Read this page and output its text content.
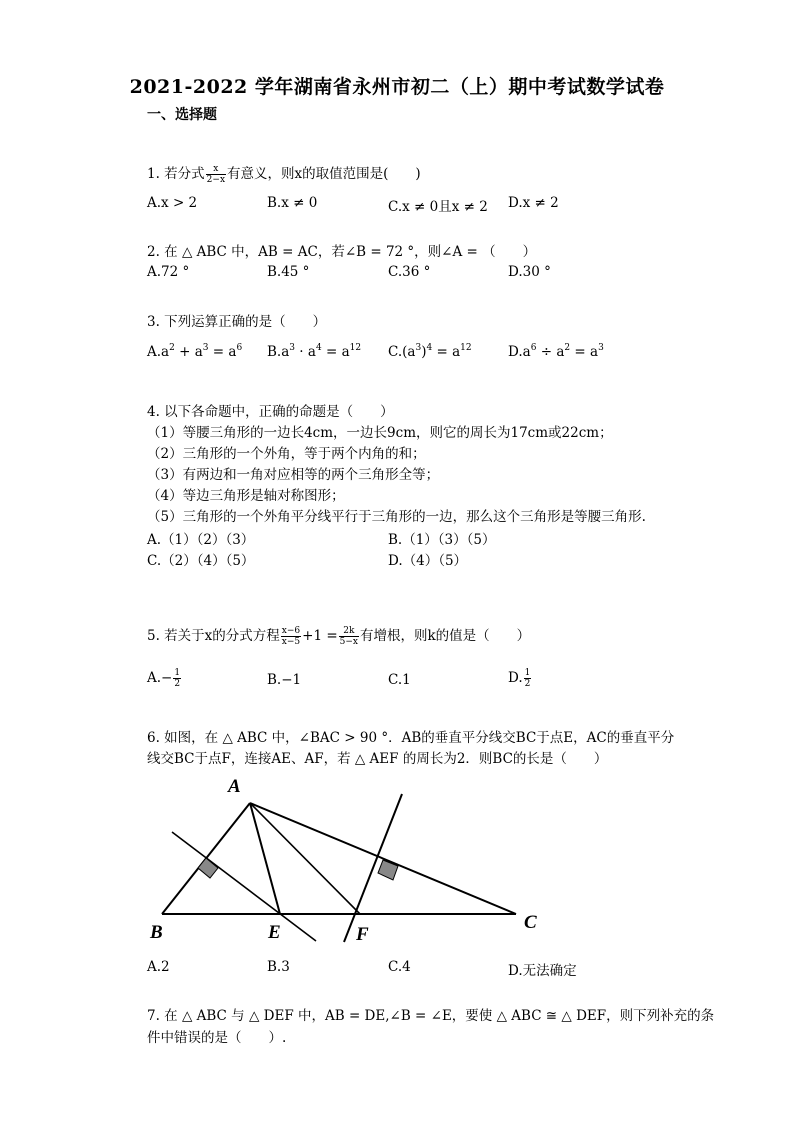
2021-2022 学年湖南省永州市初二（上）期中考试数学试卷
一、选择题
1. 若分式 $\frac{x}{2-x}$ 有意义，则x的取值范围是(　　)
A.x > 2	B.x ≠ 0	C.x ≠ 0且x ≠ 2 D.x ≠ 2
2. 在 △ ABC 中，AB = AC，若∠B = 72 °，则∠A = （　　）
A.72 °	B.45 °	C.36 °	D.30 °
3. 下列运算正确的是（　　）
$A.a^2 + a^3 = a^6$ $B.a^3 \cdot a^4 = a^{12}$ $C.(a^3)^4 = a^{12}$	$D.a^6 \div a^2 = a^3$
4. 以下各命题中，正确的命题是（　　）
（1）等腰三角形的一边长4cm，一边长9cm，则它的周长为17cm或22cm；
（2）三角形的一个外角，等于两个内角的和；
（3）有两边和一角对应相等的两个三角形全等；
（4）等边三角形是轴对称图形；
（5）三角形的一个外角平分线平行于三角形的一边，那么这个三角形是等腰三角形.
A.（1）（2）（3）	B.（1）（3）（5）
C.（2）（4）（5）	D.（4）（5）
5. 若关于x的分式方程 $\frac{x-6}{x-5} +1 = \frac{2k}{5-x}$ 有增根，则k的值是（　　）
$A.- \frac{1}{2}$	B.−1	C.1	D. $\frac{1}{2}$
6. 如图，在 △ ABC 中，∠BAC > 90 °．AB的垂直平分线交BC于点E，AC的垂直平分
线交BC于点F，连接AE、AF，若 △ AEF 的周长为2．则BC的长是（　　）
A
B	E	F
C
A.2	B.3	C.4	D.无法确定
7. 在 △ ABC 与 △ DEF 中，AB = DE,∠B = ∠E，要使 △ ABC ≅ △ DEF，则下列补充的条
件中错误的是（　　）.
